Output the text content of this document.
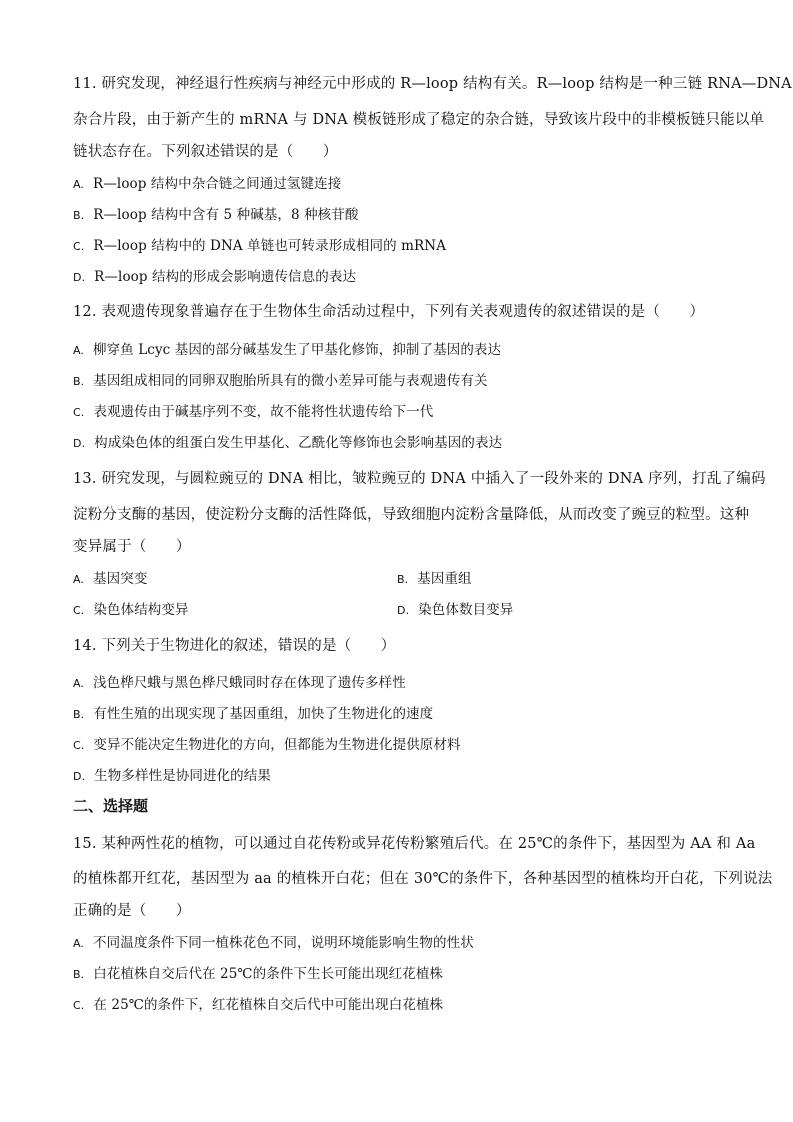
11. 研究发现，神经退行性疾病与神经元中形成的 R—loop 结构有关。R—loop 结构是一种三链 RNA—DNA
杂合片段，由于新产生的 mRNA 与 DNA 模板链形成了稳定的杂合链，导致该片段中的非模板链只能以单
链状态存在。下列叙述错误的是（　　）
A. R—loop 结构中杂合链之间通过氢键连接
B. R—loop 结构中含有 5 种碱基，8 种核苷酸
C. R—loop 结构中的 DNA 单链也可转录形成相同的 mRNA
D. R—loop 结构的形成会影响遗传信息的表达
12. 表观遗传现象普遍存在于生物体生命活动过程中，下列有关表观遗传的叙述错误的是（　　）
A. 柳穿鱼 Lcyc 基因的部分碱基发生了甲基化修饰，抑制了基因的表达
B. 基因组成相同的同卵双胞胎所具有的微小差异可能与表观遗传有关
C. 表观遗传由于碱基序列不变，故不能将性状遗传给下一代
D. 构成染色体的组蛋白发生甲基化、乙酰化等修饰也会影响基因的表达
13. 研究发现，与圆粒豌豆的 DNA 相比，皱粒豌豆的 DNA 中插入了一段外来的 DNA 序列，打乱了编码
淀粉分支酶的基因，使淀粉分支酶的活性降低，导致细胞内淀粉含量降低，从而改变了豌豆的粒型。这种
变异属于（　　）
A. 基因突变	B. 基因重组
C. 染色体结构变异	D. 染色体数目变异
14. 下列关于生物进化的叙述，错误的是（　　）
A. 浅色桦尺蛾与黑色桦尺蛾同时存在体现了遗传多样性
B. 有性生殖的出现实现了基因重组，加快了生物进化的速度
C. 变异不能决定生物进化的方向，但都能为生物进化提供原材料
D. 生物多样性是协同进化的结果
二、选择题
15. 某种两性花的植物，可以通过自花传粉或异花传粉繁殖后代。在 25℃的条件下，基因型为 AA 和 Aa
的植株都开红花，基因型为 aa 的植株开白花；但在 30℃的条件下，各种基因型的植株均开白花，下列说法
正确的是（　　）
A. 不同温度条件下同一植株花色不同，说明环境能影响生物的性状
B. 白花植株自交后代在 25℃的条件下生长可能出现红花植株
C. 在 25℃的条件下，红花植株自交后代中可能出现白花植株
